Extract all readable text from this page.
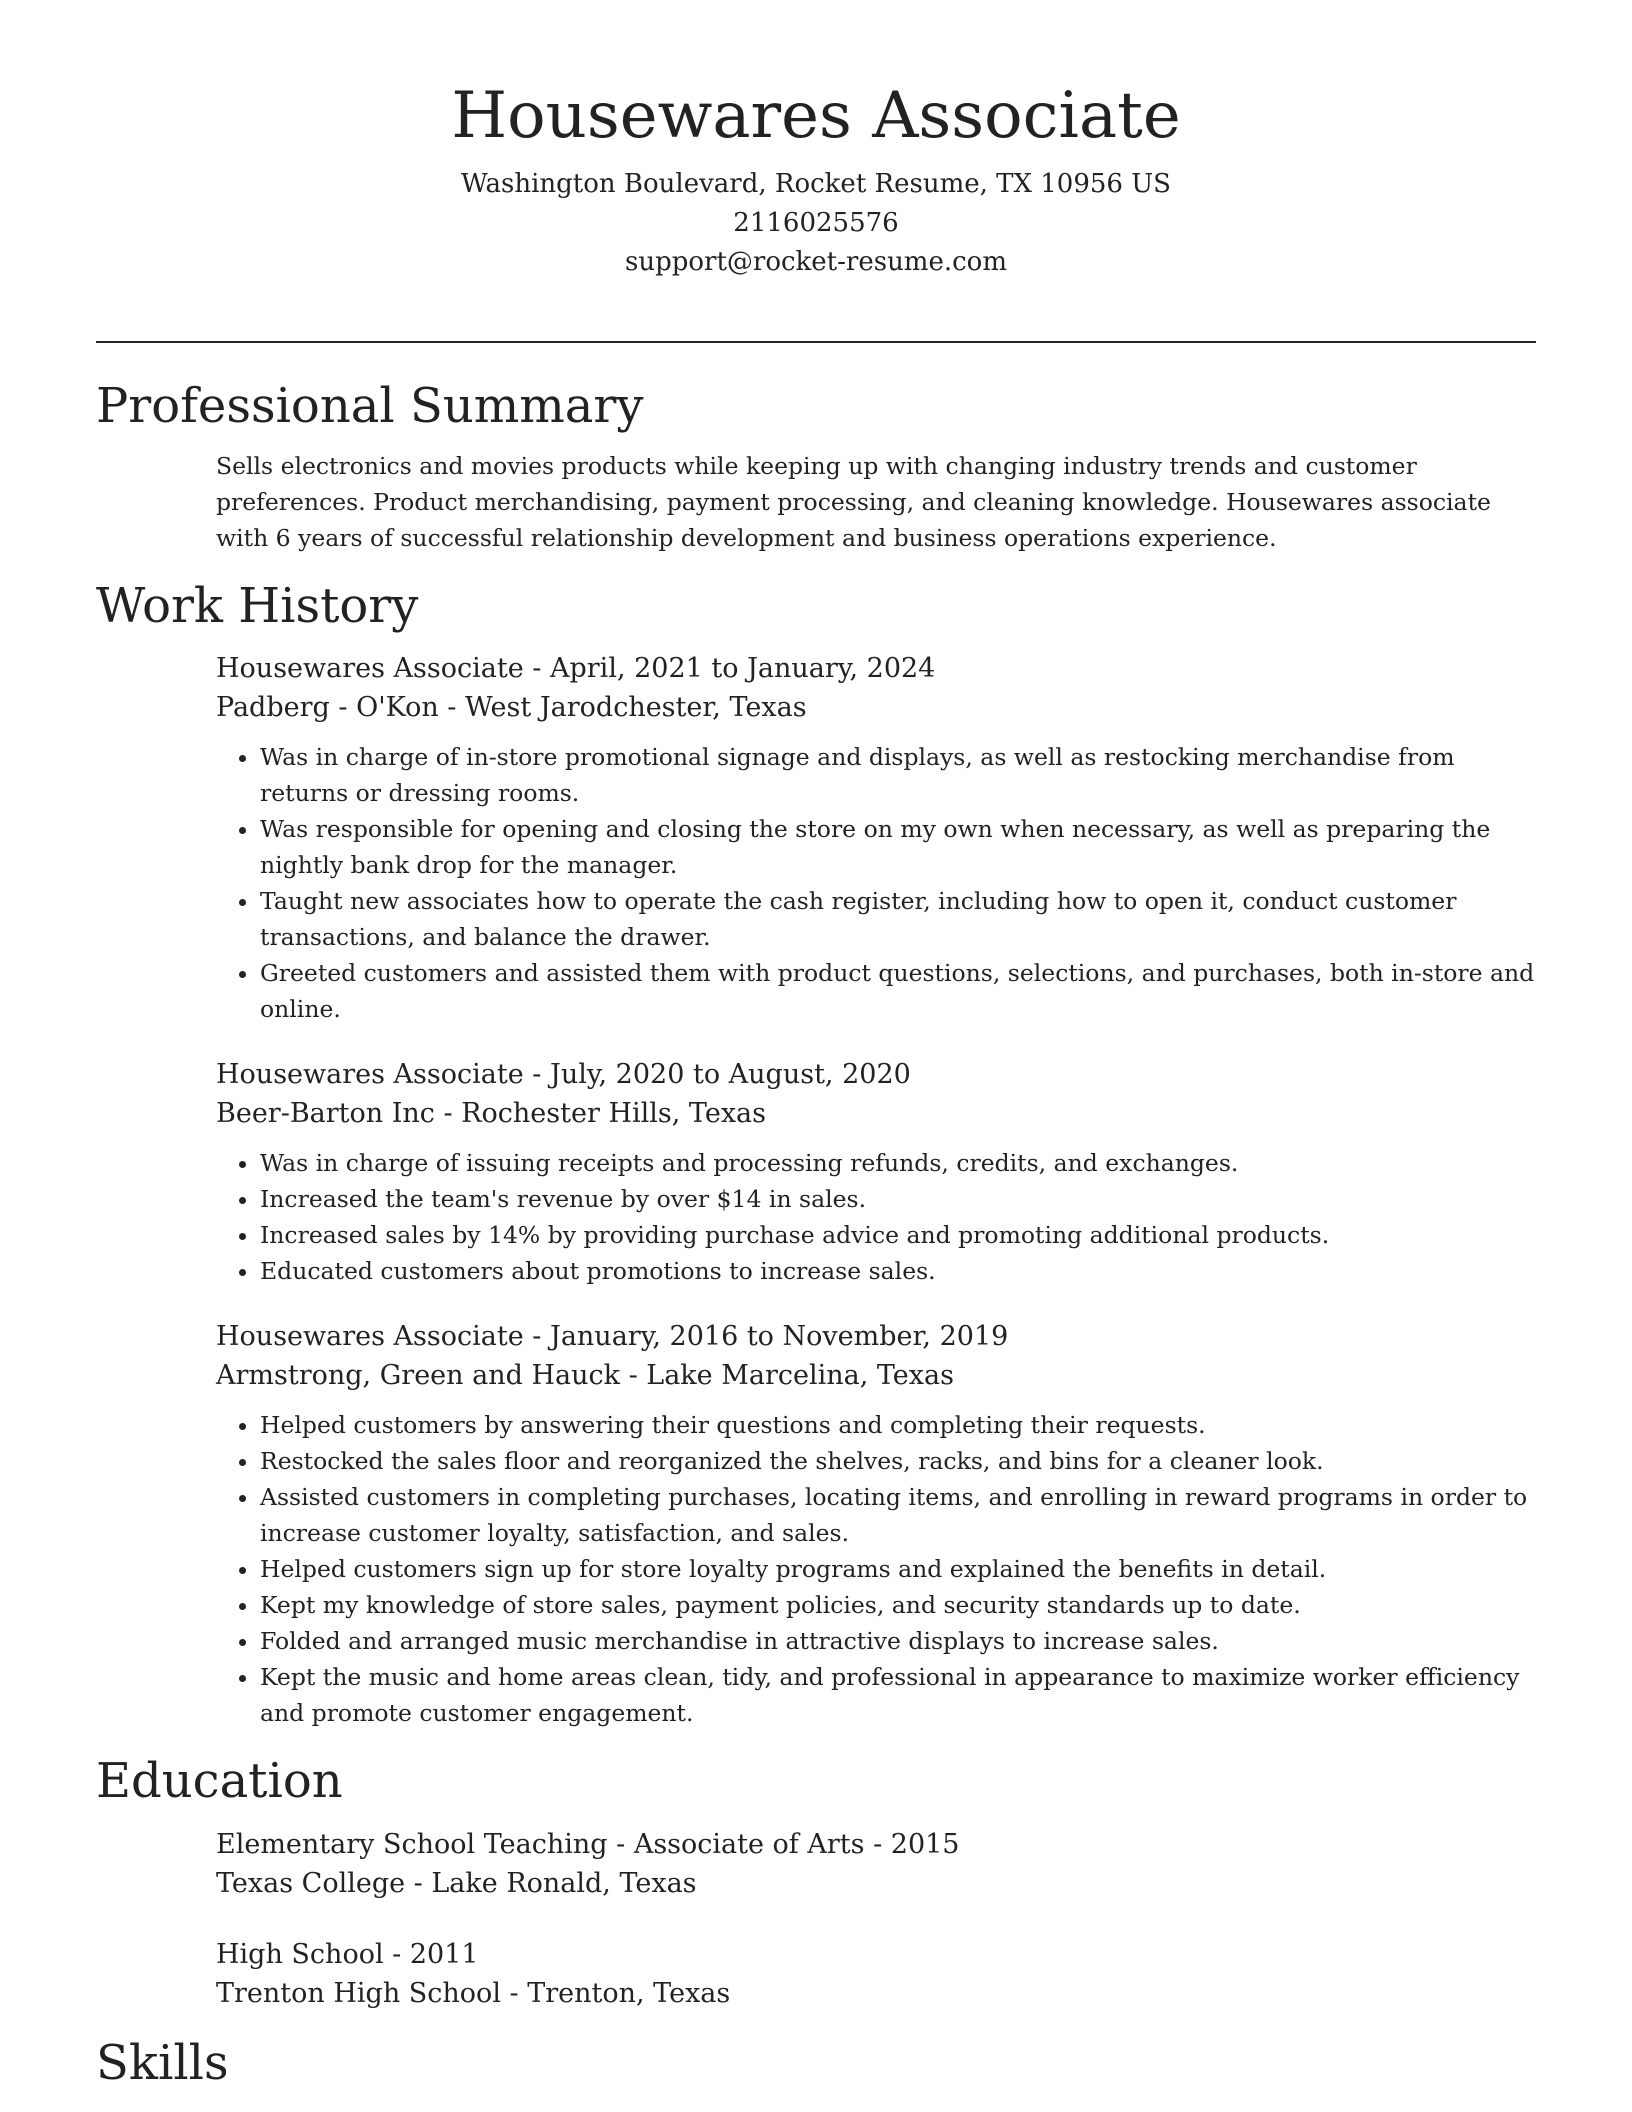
Housewares Associate
Washington Boulevard, Rocket Resume, TX 10956 US
2116025576
support@rocket-resume.com
Professional Summary

Sells electronics and movies products while keeping up with changing industry trends and customer preferences. Product merchandising, payment processing, and cleaning knowledge. Housewares associate with 6 years of successful relationship development and business operations experience.

Work History
Housewares Associate - April, 2021 to January, 2024
Padberg - O'Kon - West Jarodchester, Texas
• Was in charge of in-store promotional signage and displays, as well as restocking merchandise from returns or dressing rooms.
• Was responsible for opening and closing the store on my own when necessary, as well as preparing the nightly bank drop for the manager.
• Taught new associates how to operate the cash register, including how to open it, conduct customer transactions, and balance the drawer.
• Greeted customers and assisted them with product questions, selections, and purchases, both in-store and online.
Housewares Associate - July, 2020 to August, 2020
Beer-Barton Inc - Rochester Hills, Texas
• Was in charge of issuing receipts and processing refunds, credits, and exchanges.
• Increased the team's revenue by over $14 in sales.
• Increased sales by 14% by providing purchase advice and promoting additional products.
• Educated customers about promotions to increase sales.
Housewares Associate - January, 2016 to November, 2019
Armstrong, Green and Hauck - Lake Marcelina, Texas
• Helped customers by answering their questions and completing their requests.
• Restocked the sales floor and reorganized the shelves, racks, and bins for a cleaner look.
• Assisted customers in completing purchases, locating items, and enrolling in reward programs in order to increase customer loyalty, satisfaction, and sales.
• Helped customers sign up for store loyalty programs and explained the benefits in detail.
• Kept my knowledge of store sales, payment policies, and security standards up to date.
• Folded and arranged music merchandise in attractive displays to increase sales.
• Kept the music and home areas clean, tidy, and professional in appearance to maximize worker efficiency and promote customer engagement.
Education
Elementary School Teaching - Associate of Arts - 2015
Texas College - Lake Ronald, Texas
High School - 2011
Trenton High School - Trenton, Texas
Skills
